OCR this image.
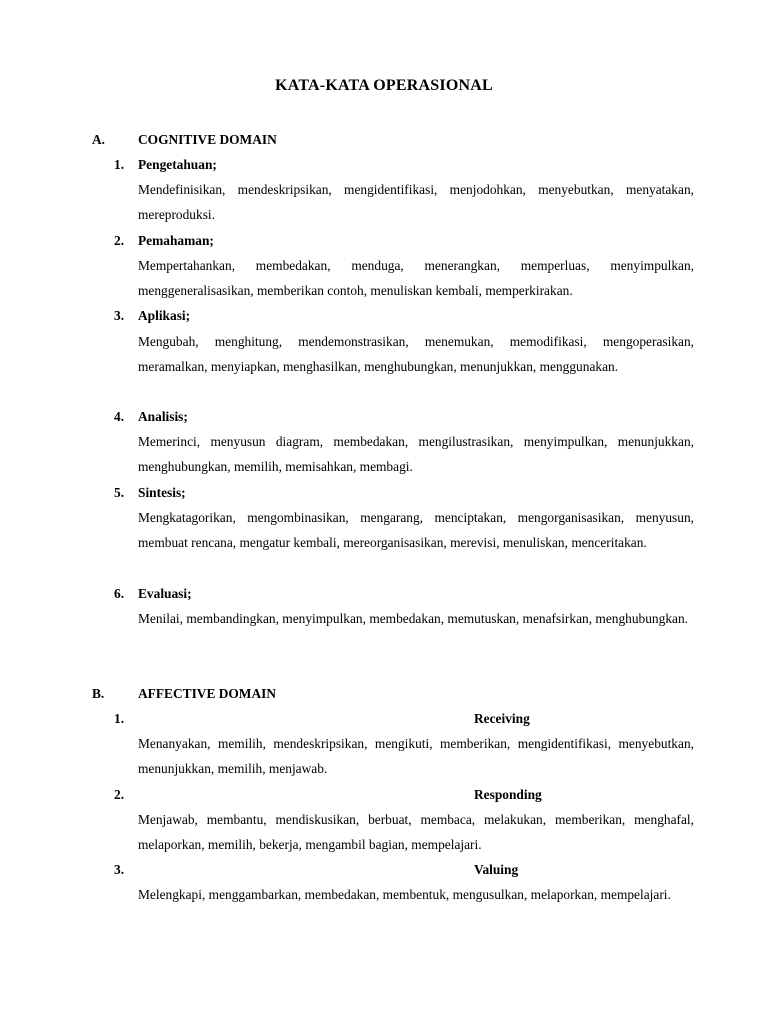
KATA-KATA OPERASIONAL
A. COGNITIVE DOMAIN
1. Pengetahuan;

Mendefinisikan, mendeskripsikan, mengidentifikasi, menjodohkan, menyebutkan, menyatakan, mereproduksi.

2. Pemahaman;

Mempertahankan, membedakan, menduga, menerangkan, memperluas, menyimpulkan, menggeneralisasikan, memberikan contoh, menuliskan kembali, memperkirakan.

3. Aplikasi;

Mengubah, menghitung, mendemonstrasikan, menemukan, memodifikasi, mengoperasikan, meramalkan, menyiapkan, menghasilkan, menghubungkan, menunjukkan, menggunakan.

4. Analisis;

Memerinci, menyusun diagram, membedakan, mengilustrasikan, menyimpulkan, menunjukkan, menghubungkan, memilih, memisahkan, membagi.

5. Sintesis;

Mengkatagorikan, mengombinasikan, mengarang, menciptakan, mengorganisasikan, menyusun, membuat rencana, mengatur kembali, mereorganisasikan, merevisi, menuliskan, menceritakan.

6. Evaluasi;

Menilai, membandingkan, menyimpulkan, membedakan, memutuskan, menafsirkan, menghubungkan.

B.	AFFECTIVE DOMAIN
1.	Receiving

Menanyakan, memilih, mendeskripsikan, mengikuti, memberikan, mengidentifikasi, menyebutkan, menunjukkan, memilih, menjawab.

2.	Responding

Menjawab, membantu, mendiskusikan, berbuat, membaca, melakukan, memberikan, menghafal, melaporkan, memilih, bekerja, mengambil bagian, mempelajari.

3.	Valuing

Melengkapi, menggambarkan, membedakan, membentuk, mengusulkan, melaporkan, mempelajari.
